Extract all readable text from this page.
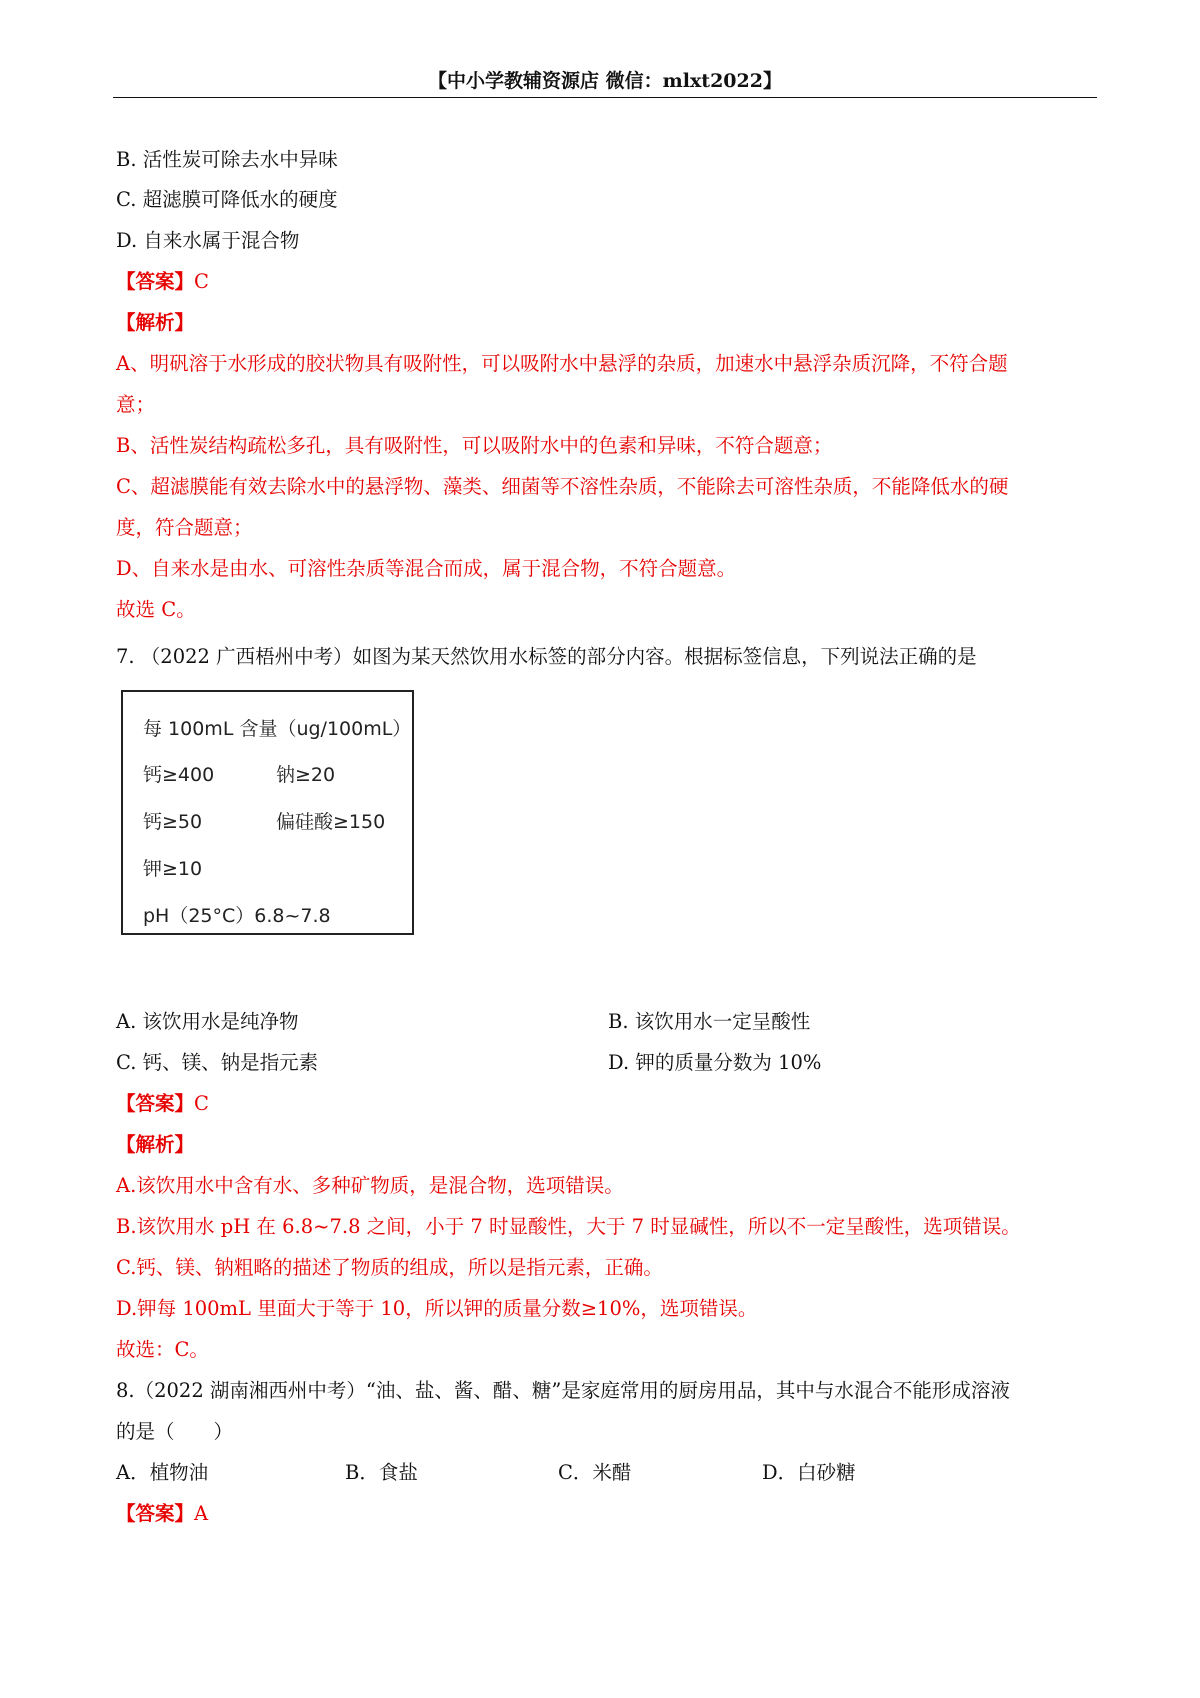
【中小学教辅资源店 微信：mlxt2022】
B. 活性炭可除去水中异味
C. 超滤膜可降低水的硬度
D. 自来水属于混合物
【答案】C
【解析】
A、明矾溶于水形成的胶状物具有吸附性，可以吸附水中悬浮的杂质，加速水中悬浮杂质沉降，不符合题
意；
B、活性炭结构疏松多孔，具有吸附性，可以吸附水中的色素和异味，不符合题意；
C、超滤膜能有效去除水中的悬浮物、藻类、细菌等不溶性杂质，不能除去可溶性杂质，不能降低水的硬
度，符合题意；
D、自来水是由水、可溶性杂质等混合而成，属于混合物，不符合题意。
故选 C。
7. （2022 广西梧州中考）如图为某天然饮用水标签的部分内容。根据标签信息，下列说法正确的是
每 100mL 含量（ug/100mL）
钙≥400	钠≥20
钙≥50	偏硅酸≥150
钾≥10
pH（25°C）6.8~7.8
A. 该饮用水是纯净物	B. 该饮用水一定呈酸性
C. 钙、镁、钠是指元素	D. 钾的质量分数为 10%
【答案】C
【解析】
A.该饮用水中含有水、多种矿物质，是混合物，选项错误。
B.该饮用水 pH 在 6.8~7.8 之间，小于 7 时显酸性，大于 7 时显碱性，所以不一定呈酸性，选项错误。
C.钙、镁、钠粗略的描述了物质的组成，所以是指元素，正确。
D.钾每 100mL 里面大于等于 10，所以钾的质量分数≥10%，选项错误。
故选：C。
8.（2022 湖南湘西州中考）“油、盐、酱、醋、糖”是家庭常用的厨房用品，其中与水混合不能形成溶液
的是（　　）
A．植物油	B．食盐	C．米醋	D．白砂糖
【答案】A
